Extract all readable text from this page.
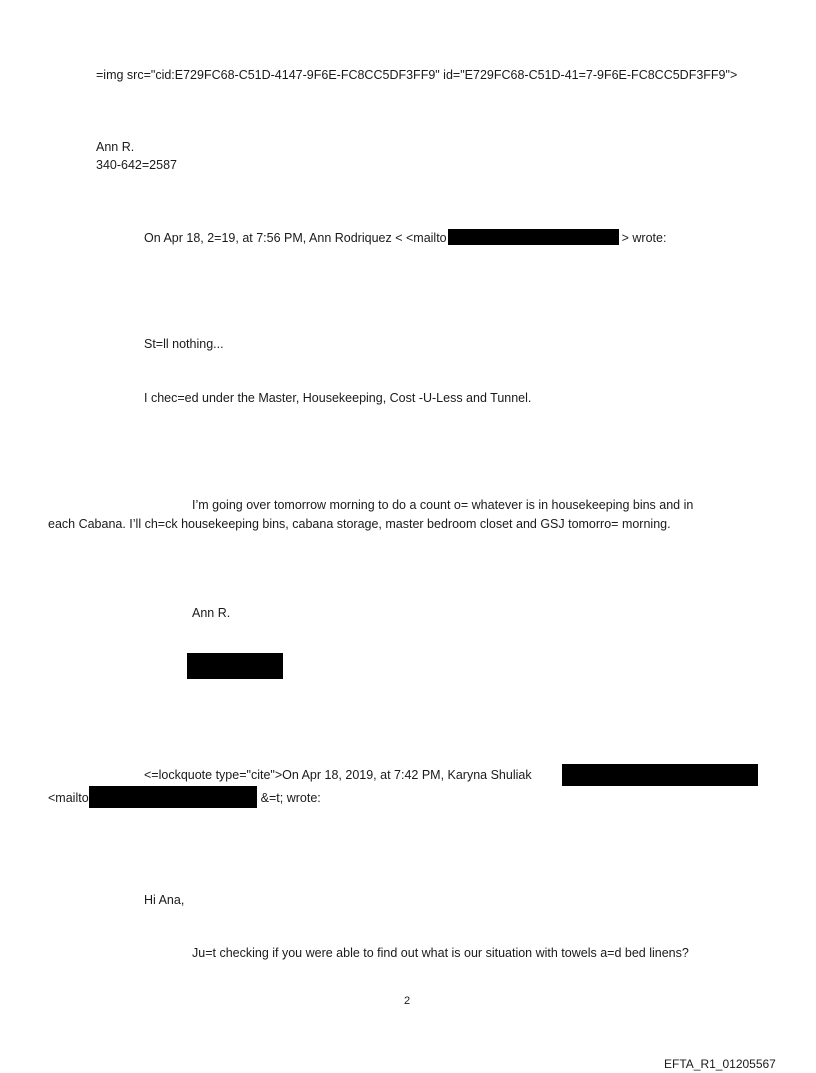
=img src="cid:E729FC68-C51D-4147-9F6E-FC8CC5DF3FF9" id="E729FC68-C51D-41=7-9F6E-FC8CC5DF3FF9">
Ann R.
340-642=2587
On Apr 18, 2=19, at 7:56 PM, Ann Rodriquez < <mailto	> wrote:
St=ll nothing...
I chec=ed under the Master, Housekeeping, Cost -U-Less and Tunnel.
I’m going over tomorrow morning to do a count o= whatever is in housekeeping bins and in
each Cabana. I’ll ch=ck housekeeping bins, cabana storage, master bedroom closet and GSJ tomorro= morning.
Ann R.
<=lockquote type="cite">On Apr 18, 2019, at 7:42 PM, Karyna Shuliak
<mailto	&=t; wrote:
Hi Ana,
Ju=t checking if you were able to find out what is our situation with towels a=d bed linens?
2
EFTA_R1_01205567
